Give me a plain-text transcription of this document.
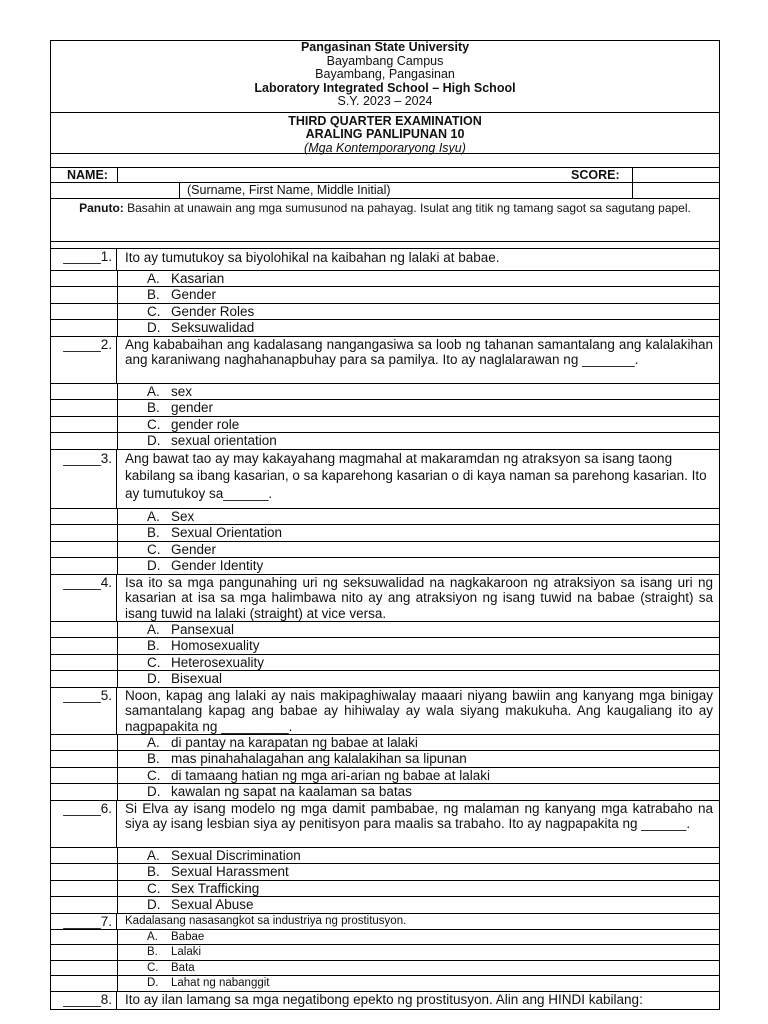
Pangasinan State University
Bayambang Campus
Bayambang, Pangasinan
Laboratory Integrated School – High School
S.Y. 2023 – 2024
THIRD QUARTER EXAMINATION
ARALING PANLIPUNAN 10
(Mga Kontemporaryong Isyu)
NAME:	SCORE:
(Surname, First Name, Middle Initial)
Panuto: Basahin at unawain ang mga sumusunod na pahayag. Isulat ang titik ng tamang sagot sa sagutang papel.
_____1. Ito ay tumutukoy sa biyolohikal na kaibahan ng lalaki at babae.
A. Kasarian
B. Gender
C. Gender Roles
D. Seksuwalidad
_____2. Ang kababaihan ang kadalasang nangangasiwa sa loob ng tahanan samantalang ang kalalakihan ang karaniwang naghahanapbuhay para sa pamilya. Ito ay naglalarawan ng _______.
A. sex
B. gender
C. gender role
D. sexual orientation
_____3. Ang bawat tao ay may kakayahang magmahal at makaramdan ng atraksyon sa isang taong kabilang sa ibang kasarian, o sa kaparehong kasarian o di kaya naman sa parehong kasarian. Ito ay tumutukoy sa______.
A. Sex
B. Sexual Orientation
C. Gender
D. Gender Identity
_____4. Isa ito sa mga pangunahing uri ng seksuwalidad na nagkakaroon ng atraksiyon sa isang uri ng kasarian at isa sa mga halimbawa nito ay ang atraksiyon ng isang tuwid na babae (straight) sa isang tuwid na lalaki (straight) at vice versa.
A. Pansexual
B. Homosexuality
C. Heterosexuality
D. Bisexual
_____5. Noon, kapag ang lalaki ay nais makipaghiwalay maaari niyang bawiin ang kanyang mga binigay samantalang kapag ang babae ay hihiwalay ay wala siyang makukuha. Ang kaugaliang ito ay nagpapakita ng _________.
A. di pantay na karapatan ng babae at lalaki
B. mas pinahahalagahan ang kalalakihan sa lipunan
C. di tamaang hatian ng mga ari-arian ng babae at lalaki
D. kawalan ng sapat na kaalaman sa batas
_____6. Si Elva ay isang modelo ng mga damit pambabae, ng malaman ng kanyang mga katrabaho na siya ay isang lesbian siya ay penitisyon para maalis sa trabaho. Ito ay nagpapakita ng ______.
A. Sexual Discrimination
B. Sexual Harassment
C. Sex Trafficking
D. Sexual Abuse
_____7.	Kadalasang nasasangkot sa industriya ng prostitusyon.
A. Babae
B. Lalaki
C. Bata
D. Lahat ng nabanggit
_____8. Ito ay ilan lamang sa mga negatibong epekto ng prostitusyon. Alin ang HINDI kabilang:
